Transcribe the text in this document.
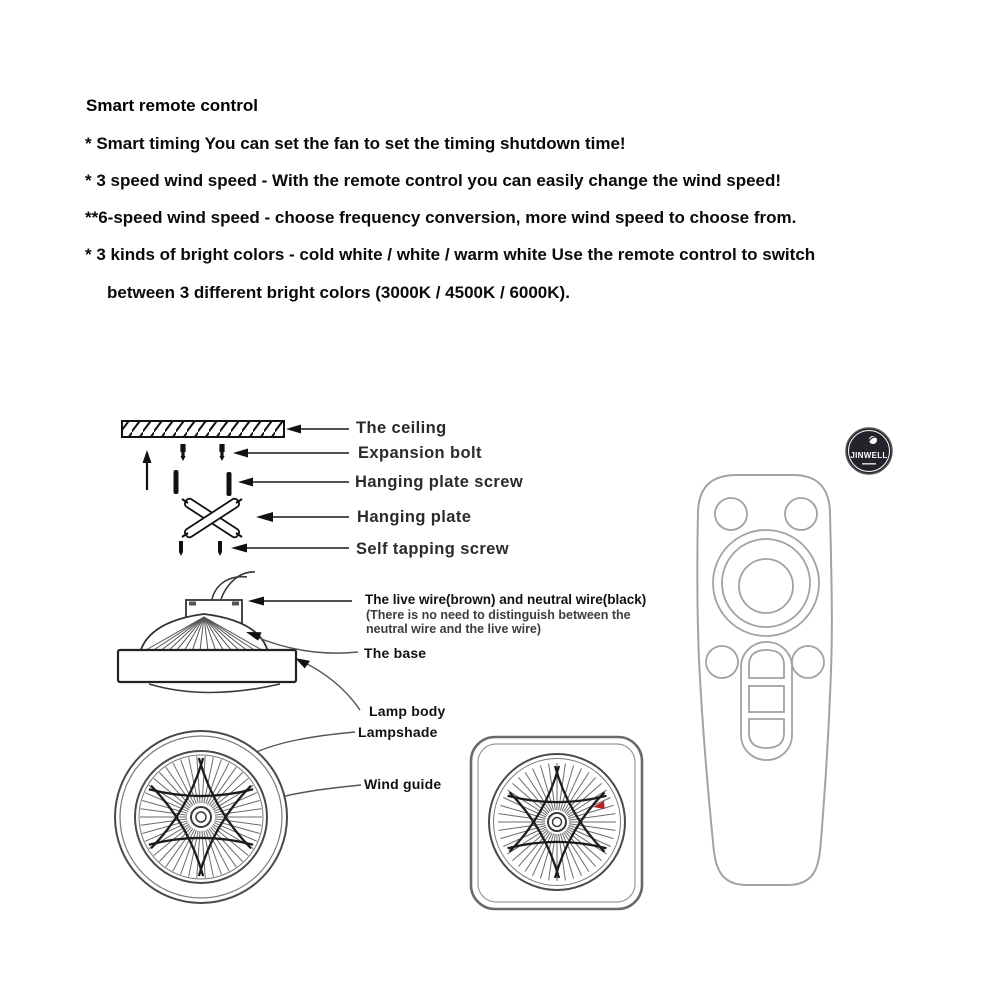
Smart remote control
* Smart timing You can set the fan to set the timing shutdown time!
* 3 speed wind speed - With the remote control you can easily change the wind speed!
**6-speed wind speed - choose frequency conversion, more wind speed to choose from.
* 3 kinds of bright colors - cold white / white / warm white Use the remote control to switch
between 3 different bright colors (3000K / 4500K / 6000K).
The ceiling
Expansion bolt
Hanging plate screw
Hanging plate
Self tapping screw
The live wire(brown) and neutral wire(black)
(There is no need to distinguish between the
neutral wire and the live wire)
The base
Lamp body
Lampshade
Wind guide
JINWELL
